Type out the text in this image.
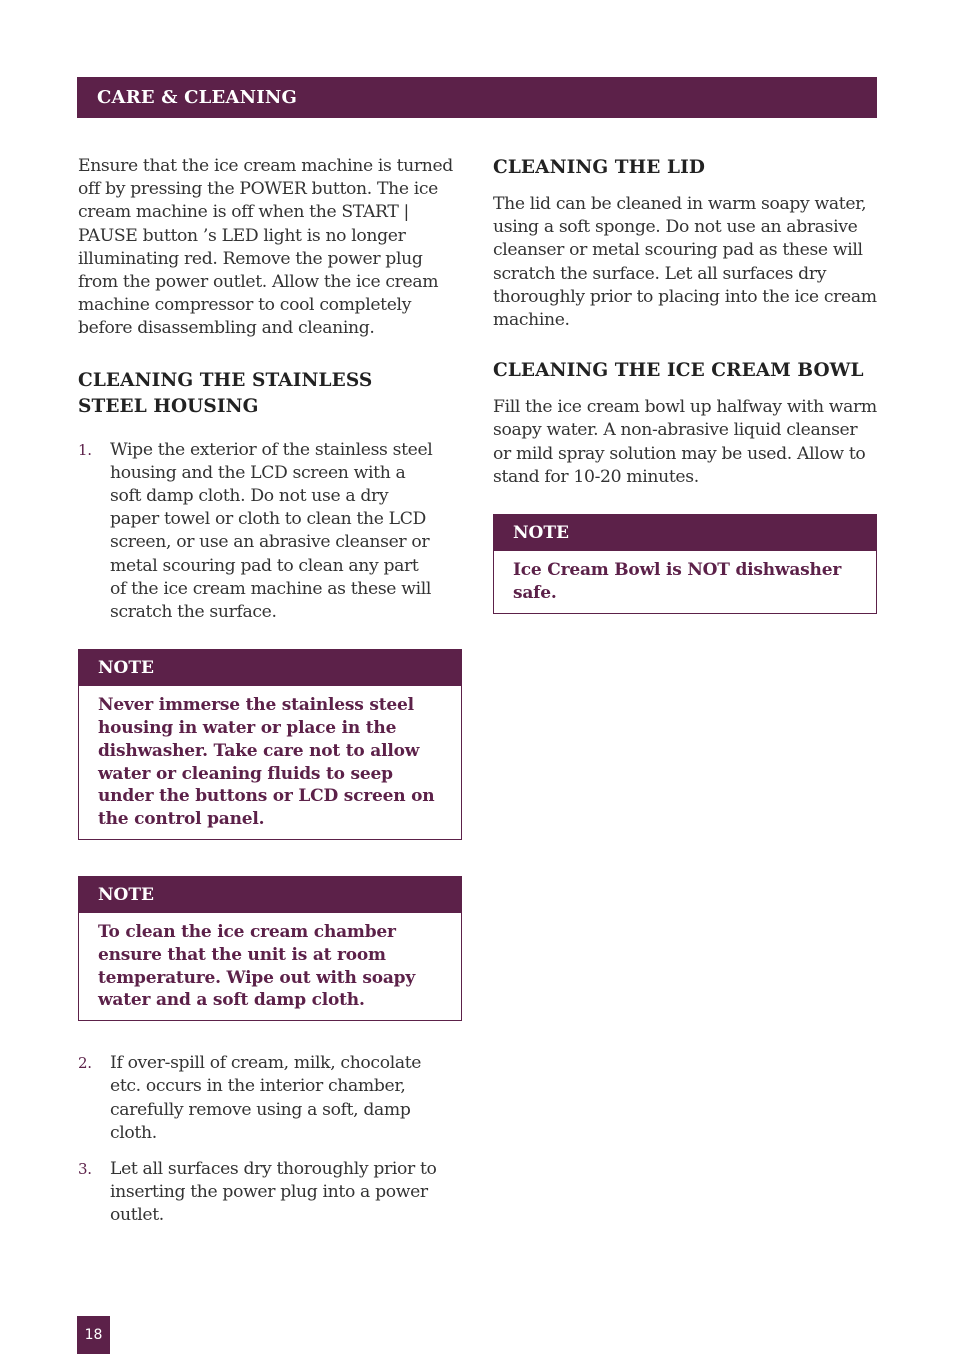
CARE & CLEANING

Ensure that the ice cream machine is turned off by pressing the POWER button. The ice cream machine is off when the START | PAUSE button ’s LED light is no longer illuminating red. Remove the power plug from the power outlet. Allow the ice cream machine compressor to cool completely before disassembling and cleaning.

CLEANING THE STAINLESS STEEL HOUSING
1. Wipe the exterior of the stainless steel housing and the LCD screen with a soft damp cloth. Do not use a dry paper towel or cloth to clean the LCD screen, or use an abrasive cleanser or metal scouring pad to clean any part of the ice cream machine as these will scratch the surface.
NOTE
Never immerse the stainless steel housing in water or place in the dishwasher. Take care not to allow water or cleaning fluids to seep under the buttons or LCD screen on the control panel.
NOTE
To clean the ice cream chamber ensure that the unit is at room temperature. Wipe out with soapy water and a soft damp cloth.
2. If over-spill of cream, milk, chocolate etc. occurs in the interior chamber, carefully remove using a soft, damp cloth.
3. Let all surfaces dry thoroughly prior to inserting the power plug into a power outlet.
CLEANING THE LID

The lid can be cleaned in warm soapy water, using a soft sponge. Do not use an abrasive cleanser or metal scouring pad as these will scratch the surface. Let all surfaces dry thoroughly prior to placing into the ice cream machine.

CLEANING THE ICE CREAM BOWL

Fill the ice cream bowl up halfway with warm soapy water. A non-abrasive liquid cleanser or mild spray solution may be used. Allow to stand for 10-20 minutes.

NOTE
Ice Cream Bowl is NOT dishwasher safe.
18
